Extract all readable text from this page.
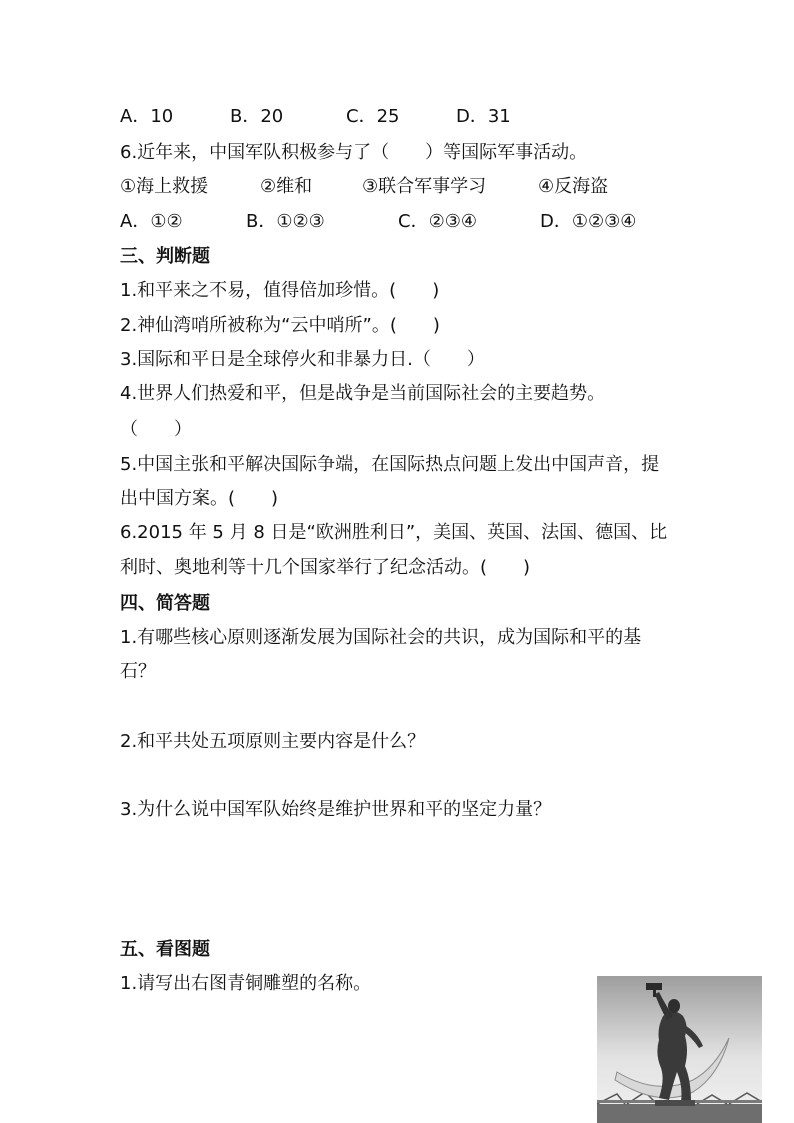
A．10	B．20	C．25	D．31
6.近年来，中国军队积极参与了（　　）等国际军事活动。
①海上救援	②维和	③联合军事学习	④反海盗
A．①②	B．①②③	C．②③④	D．①②③④
三、判断题
1.和平来之不易，值得倍加珍惜。(　　)
2.神仙湾哨所被称为“云中哨所”。(　　)
3.国际和平日是全球停火和非暴力日.（　　）
4.世界人们热爱和平，但是战争是当前国际社会的主要趋势。
（　　）
5.中国主张和平解决国际争端，在国际热点问题上发出中国声音，提
出中国方案。(　　)
6.2015 年 5 月 8 日是“欧洲胜利日”，美国、英国、法国、德国、比
利时、奥地利等十几个国家举行了纪念活动。(　　)
四、简答题
1.有哪些核心原则逐渐发展为国际社会的共识，成为国际和平的基
石？
2.和平共处五项原则主要内容是什么？
3.为什么说中国军队始终是维护世界和平的坚定力量？
五、看图题
1.请写出右图青铜雕塑的名称。
